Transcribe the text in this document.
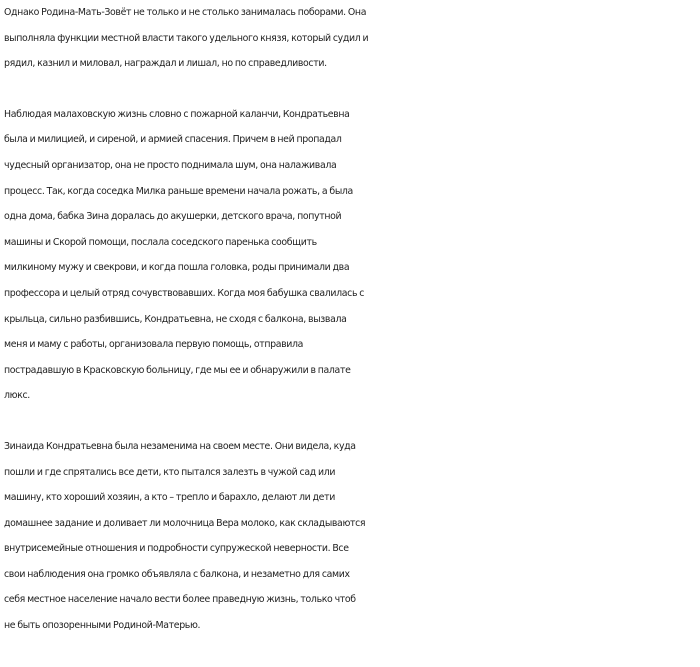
Однако Родина-Мать-Зовёт не только и не столько занималась поборами. Она
выполняла функции местной власти такого удельного князя, который судил и
рядил, казнил и миловал, награждал и лишал, но по справедливости.

Наблюдая малаховскую жизнь словно с пожарной каланчи, Кондратьевна
была и милицией, и сиреной, и армией спасения. Причем в ней пропадал
чудесный организатор, она не просто поднимала шум, она налаживала
процесс. Так, когда соседка Милка раньше времени начала рожать, а была
одна дома, бабка Зина доралась до акушерки, детского врача, попутной
машины и Скорой помощи, послала соседского паренька сообщить
милкиному мужу и свекрови, и когда пошла головка, роды принимали два
профессора и целый отряд сочувствовавших. Когда моя бабушка свалилась с
крыльца, сильно разбившись, Кондратьевна, не сходя с балкона, вызвала
меня и маму с работы, организовала первую помощь, отправила
пострадавшую в Красковскую больницу, где мы ее и обнаружили в палате
люкс.

Зинаида Кондратьевна была незаменима на своем месте. Они видела, куда
пошли и где спрятались все дети, кто пытался залезть в чужой сад или
машину, кто хороший хозяин, а кто – трепло и барахло, делают ли дети
домашнее задание и доливает ли молочница Вера молоко, как складываются
внутрисемейные отношения и подробности супружеской неверности. Все
свои наблюдения она громко объявляла с балкона, и незаметно для самих
себя местное население начало вести более праведную жизнь, только чтоб
не быть опозоренными Родиной-Матерью.
